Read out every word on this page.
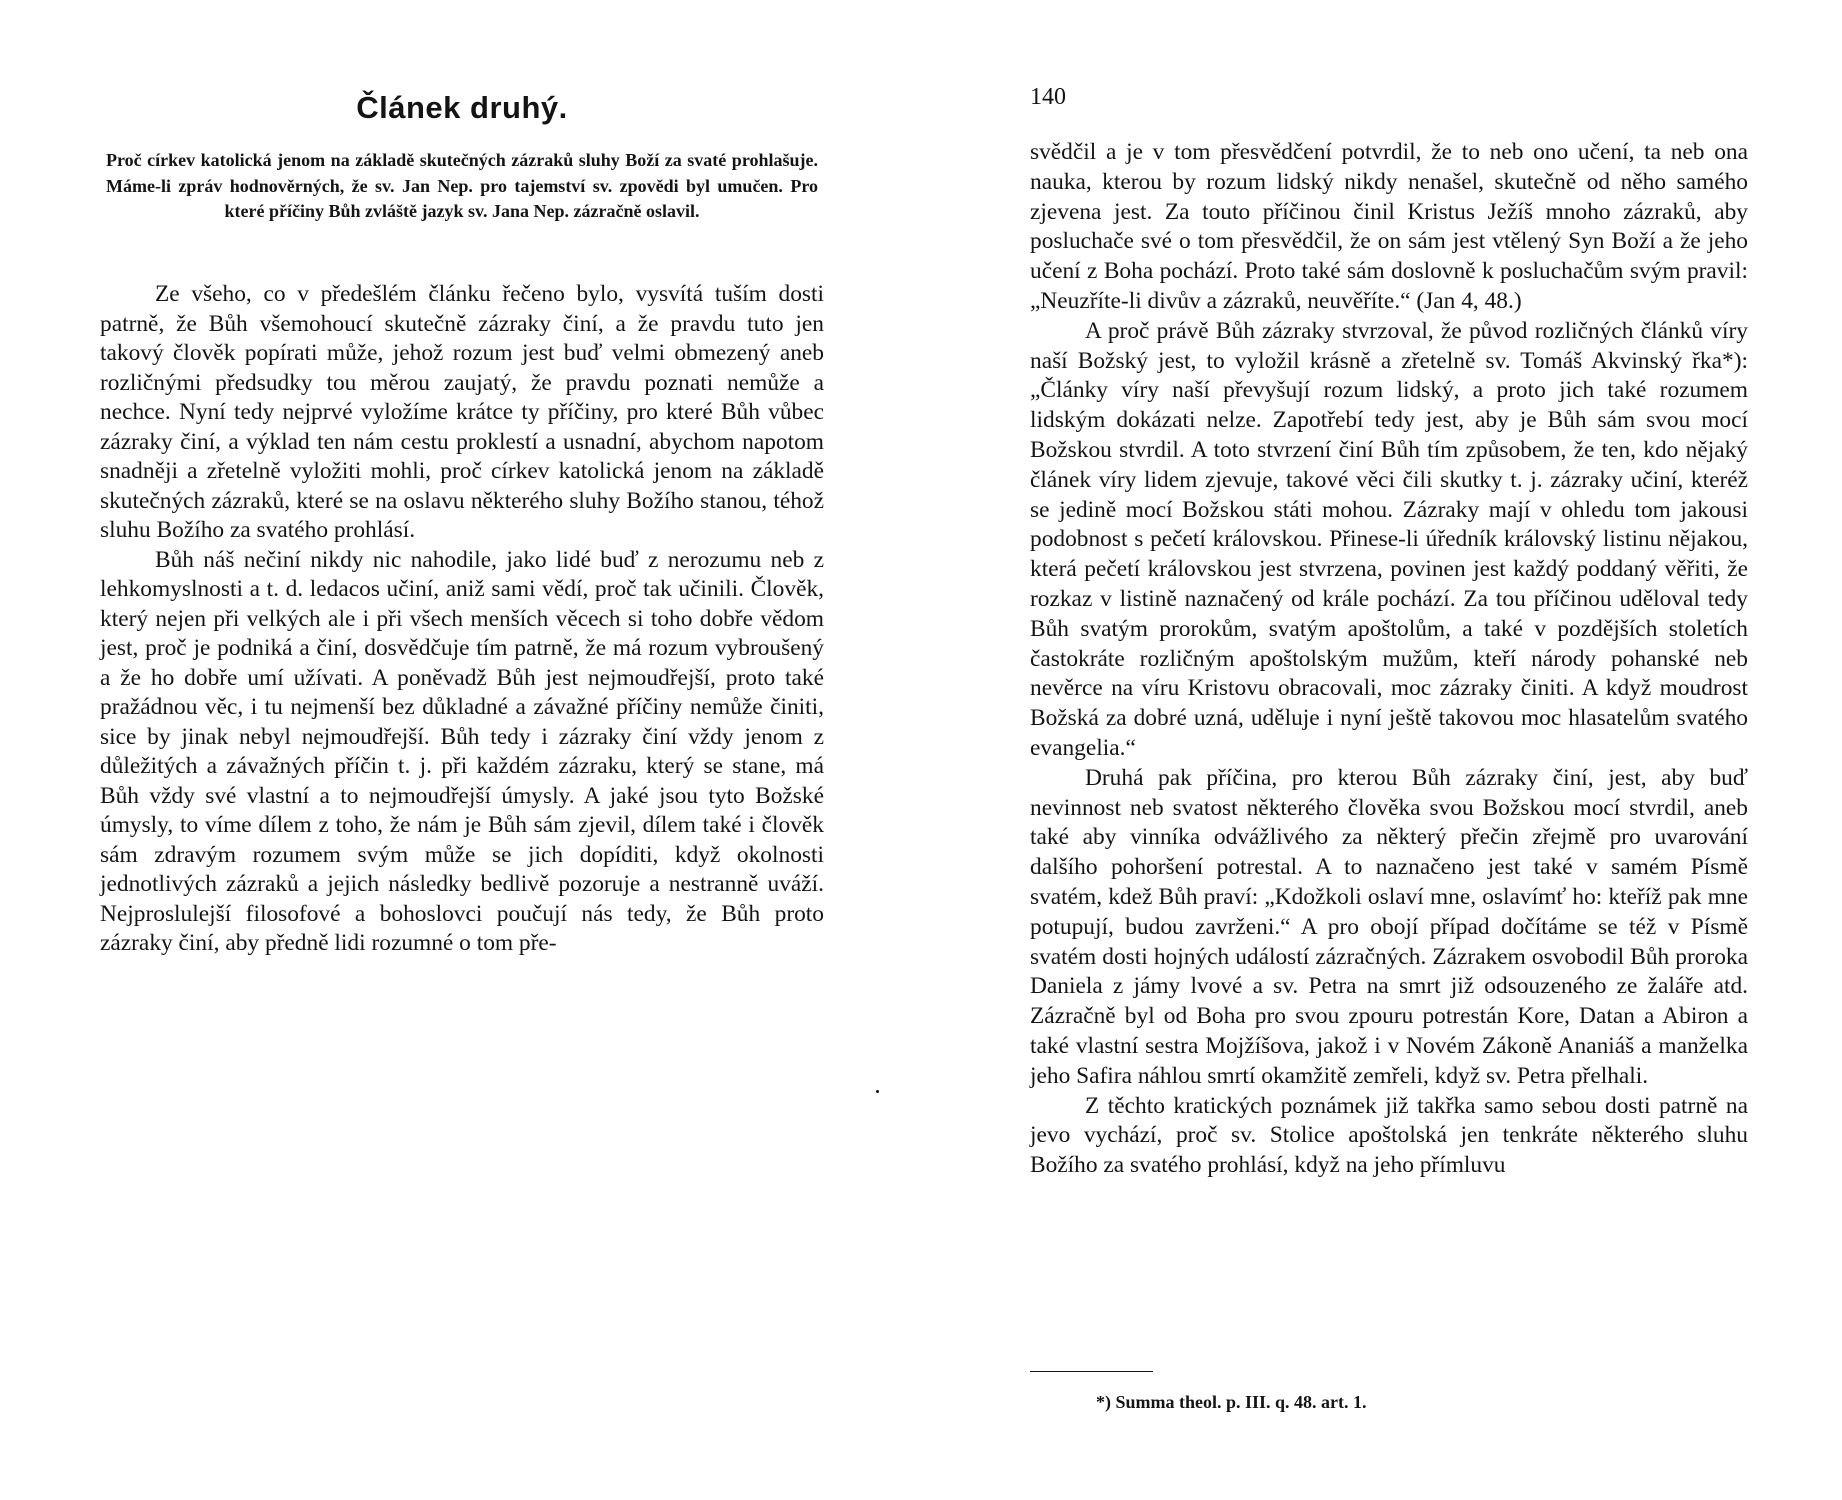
Článek druhý.
Proč církev katolická jenom na základě skutečných zázraků sluhy Boží za svaté prohlašuje. Máme-li zpráv hodnověrných, že sv. Jan Nep. pro tajemství sv. zpovědi byl umučen. Pro které příčiny Bůh zvláště jazyk sv. Jana Nep. zázračně oslavil.

Ze všeho, co v předešlém článku řečeno bylo, vysvítá tuším dosti patrně, že Bůh všemohoucí skutečně zázraky činí, a že pravdu tuto jen takový člověk popírati může, jehož rozum jest buď velmi obmezený aneb rozličnými předsudky tou měrou zaujatý, že pravdu poznati nemůže a nechce. Nyní tedy nejprvé vyložíme krátce ty příčiny, pro které Bůh vůbec zázraky činí, a výklad ten nám cestu proklestí a usnadní, abychom napotom snadněji a zřetelně vyložiti mohli, proč církev katolická jenom na základě skutečných zázraků, které se na oslavu některého sluhy Božího stanou, téhož sluhu Božího za svatého prohlásí.

Bůh náš nečiní nikdy nic nahodile, jako lidé buď z nerozumu neb z lehkomyslnosti a t. d. ledacos učiní, aniž sami vědí, proč tak učinili. Člověk, který nejen při velkých ale i při všech menších věcech si toho dobře vědom jest, proč je podniká a činí, dosvědčuje tím patrně, že má rozum vybroušený a že ho dobře umí užívati. A poněvadž Bůh jest nejmoudřejší, proto také pražádnou věc, i tu nejmenší bez důkladné a závažné příčiny nemůže činiti, sice by jinak nebyl nejmoudřejší. Bůh tedy i zázraky činí vždy jenom z důležitých a závažných příčin t. j. při každém zázraku, který se stane, má Bůh vždy své vlastní a to nejmoudřejší úmysly. A jaké jsou tyto Božské úmysly, to víme dílem z toho, že nám je Bůh sám zjevil, dílem také i člověk sám zdravým rozumem svým může se jich dopíditi, když okolnosti jednotlivých zázraků a jejich následky bedlivě pozoruje a nestranně uváží. Nejproslulejší filosofové a bohoslovci poučují nás tedy, že Bůh proto zázraky činí, aby předně lidi rozumné o tom pře-

140

svědčil a je v tom přesvědčení potvrdil, že to neb ono učení, ta neb ona nauka, kterou by rozum lidský nikdy nenašel, skutečně od něho samého zjevena jest. Za touto příčinou činil Kristus Ježíš mnoho zázraků, aby posluchače své o tom přesvědčil, že on sám jest vtělený Syn Boží a že jeho učení z Boha pochází. Proto také sám doslovně k posluchačům svým pravil: „Neuzříte-li divův a zázraků, neuvěříte.“ (Jan 4, 48.)

A proč právě Bůh zázraky stvrzoval, že původ rozličných článků víry naší Božský jest, to vyložil krásně a zřetelně sv. Tomáš Akvinský řka*): „Články víry naší převyšují rozum lidský, a proto jich také rozumem lidským dokázati nelze. Zapotřebí tedy jest, aby je Bůh sám svou mocí Božskou stvrdil. A toto stvrzení činí Bůh tím způsobem, že ten, kdo nějaký článek víry lidem zjevuje, takové věci čili skutky t. j. zázraky učiní, kteréž se jedině mocí Božskou státi mohou. Zázraky mají v ohledu tom jakousi podobnost s pečetí královskou. Přinese-li úředník královský listinu nějakou, která pečetí královskou jest stvrzena, povinen jest každý poddaný věřiti, že rozkaz v listině naznačený od krále pochází. Za tou příčinou uděloval tedy Bůh svatým prorokům, svatým apoštolům, a také v pozdějších stoletích častokráte rozličným apoštolským mužům, kteří národy pohanské neb nevěrce na víru Kristovu obracovali, moc zázraky činiti. A když moudrost Božská za dobré uzná, uděluje i nyní ještě takovou moc hlasatelům svatého evangelia.“

Druhá pak příčina, pro kterou Bůh zázraky činí, jest, aby buď nevinnost neb svatost některého člověka svou Božskou mocí stvrdil, aneb také aby vinníka odvážlivého za některý přečin zřejmě pro uvarování dalšího pohoršení potrestal. A to naznačeno jest také v samém Písmě svatém, kdež Bůh praví: „Kdožkoli oslaví mne, oslavímť ho: kteříž pak mne potupují, budou zavrženi.“ A pro obojí případ dočítáme se též v Písmě svatém dosti hojných událostí zázračných. Zázrakem osvobodil Bůh proroka Daniela z jámy lvové a sv. Petra na smrt již odsouzeného ze žaláře atd. Zázračně byl od Boha pro svou zpouru potrestán Kore, Datan a Abiron a také vlastní sestra Mojžíšova, jakož i v Novém Zákoně Ananiáš a manželka jeho Safira náhlou smrtí okamžitě zemřeli, když sv. Petra přelhali.

Z těchto kratických poznámek již takřka samo sebou dosti patrně na jevo vychází, proč sv. Stolice apoštolská jen tenkráte některého sluhu Božího za svatého prohlásí, když na jeho přímluvu

*) Summa theol. p. III. q. 48. art. 1.
